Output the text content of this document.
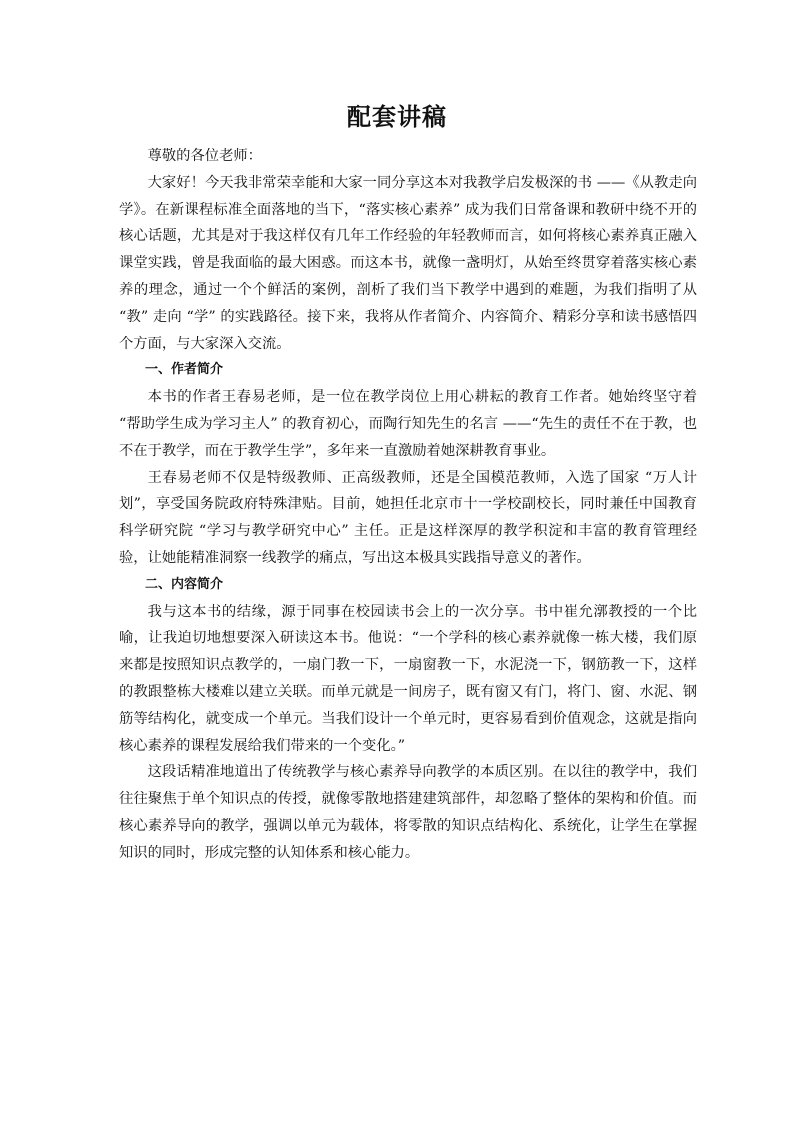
配套讲稿

尊敬的各位老师：

大家好！今天我非常荣幸能和大家一同分享这本对我教学启发极深的书 ——《从教走向学》。在新课程标准全面落地的当下，“落实核心素养” 成为我们日常备课和教研中绕不开的核心话题，尤其是对于我这样仅有几年工作经验的年轻教师而言，如何将核心素养真正融入课堂实践，曾是我面临的最大困惑。而这本书，就像一盏明灯，从始至终贯穿着落实核心素养的理念，通过一个个鲜活的案例，剖析了我们当下教学中遇到的难题，为我们指明了从 “教” 走向 “学” 的实践路径。接下来，我将从作者简介、内容简介、精彩分享和读书感悟四个方面，与大家深入交流。

一、作者简介

本书的作者王春易老师，是一位在教学岗位上用心耕耘的教育工作者。她始终坚守着 “帮助学生成为学习主人” 的教育初心，而陶行知先生的名言 ——“先生的责任不在于教，也不在于教学，而在于教学生学”，多年来一直激励着她深耕教育事业。

王春易老师不仅是特级教师、正高级教师，还是全国模范教师，入选了国家 “万人计划”，享受国务院政府特殊津贴。目前，她担任北京市十一学校副校长，同时兼任中国教育科学研究院 “学习与教学研究中心” 主任。正是这样深厚的教学积淀和丰富的教育管理经验，让她能精准洞察一线教学的痛点，写出这本极具实践指导意义的著作。

二、内容简介

我与这本书的结缘，源于同事在校园读书会上的一次分享。书中崔允漷教授的一个比喻，让我迫切地想要深入研读这本书。他说：“一个学科的核心素养就像一栋大楼，我们原来都是按照知识点教学的，一扇门教一下，一扇窗教一下，水泥浇一下，钢筋教一下，这样的教跟整栋大楼难以建立关联。而单元就是一间房子，既有窗又有门，将门、窗、水泥、钢筋等结构化，就变成一个单元。当我们设计一个单元时，更容易看到价值观念，这就是指向核心素养的课程发展给我们带来的一个变化。”

这段话精准地道出了传统教学与核心素养导向教学的本质区别。在以往的教学中，我们往往聚焦于单个知识点的传授，就像零散地搭建建筑部件，却忽略了整体的架构和价值。而核心素养导向的教学，强调以单元为载体，将零散的知识点结构化、系统化，让学生在掌握知识的同时，形成完整的认知体系和核心能力。
